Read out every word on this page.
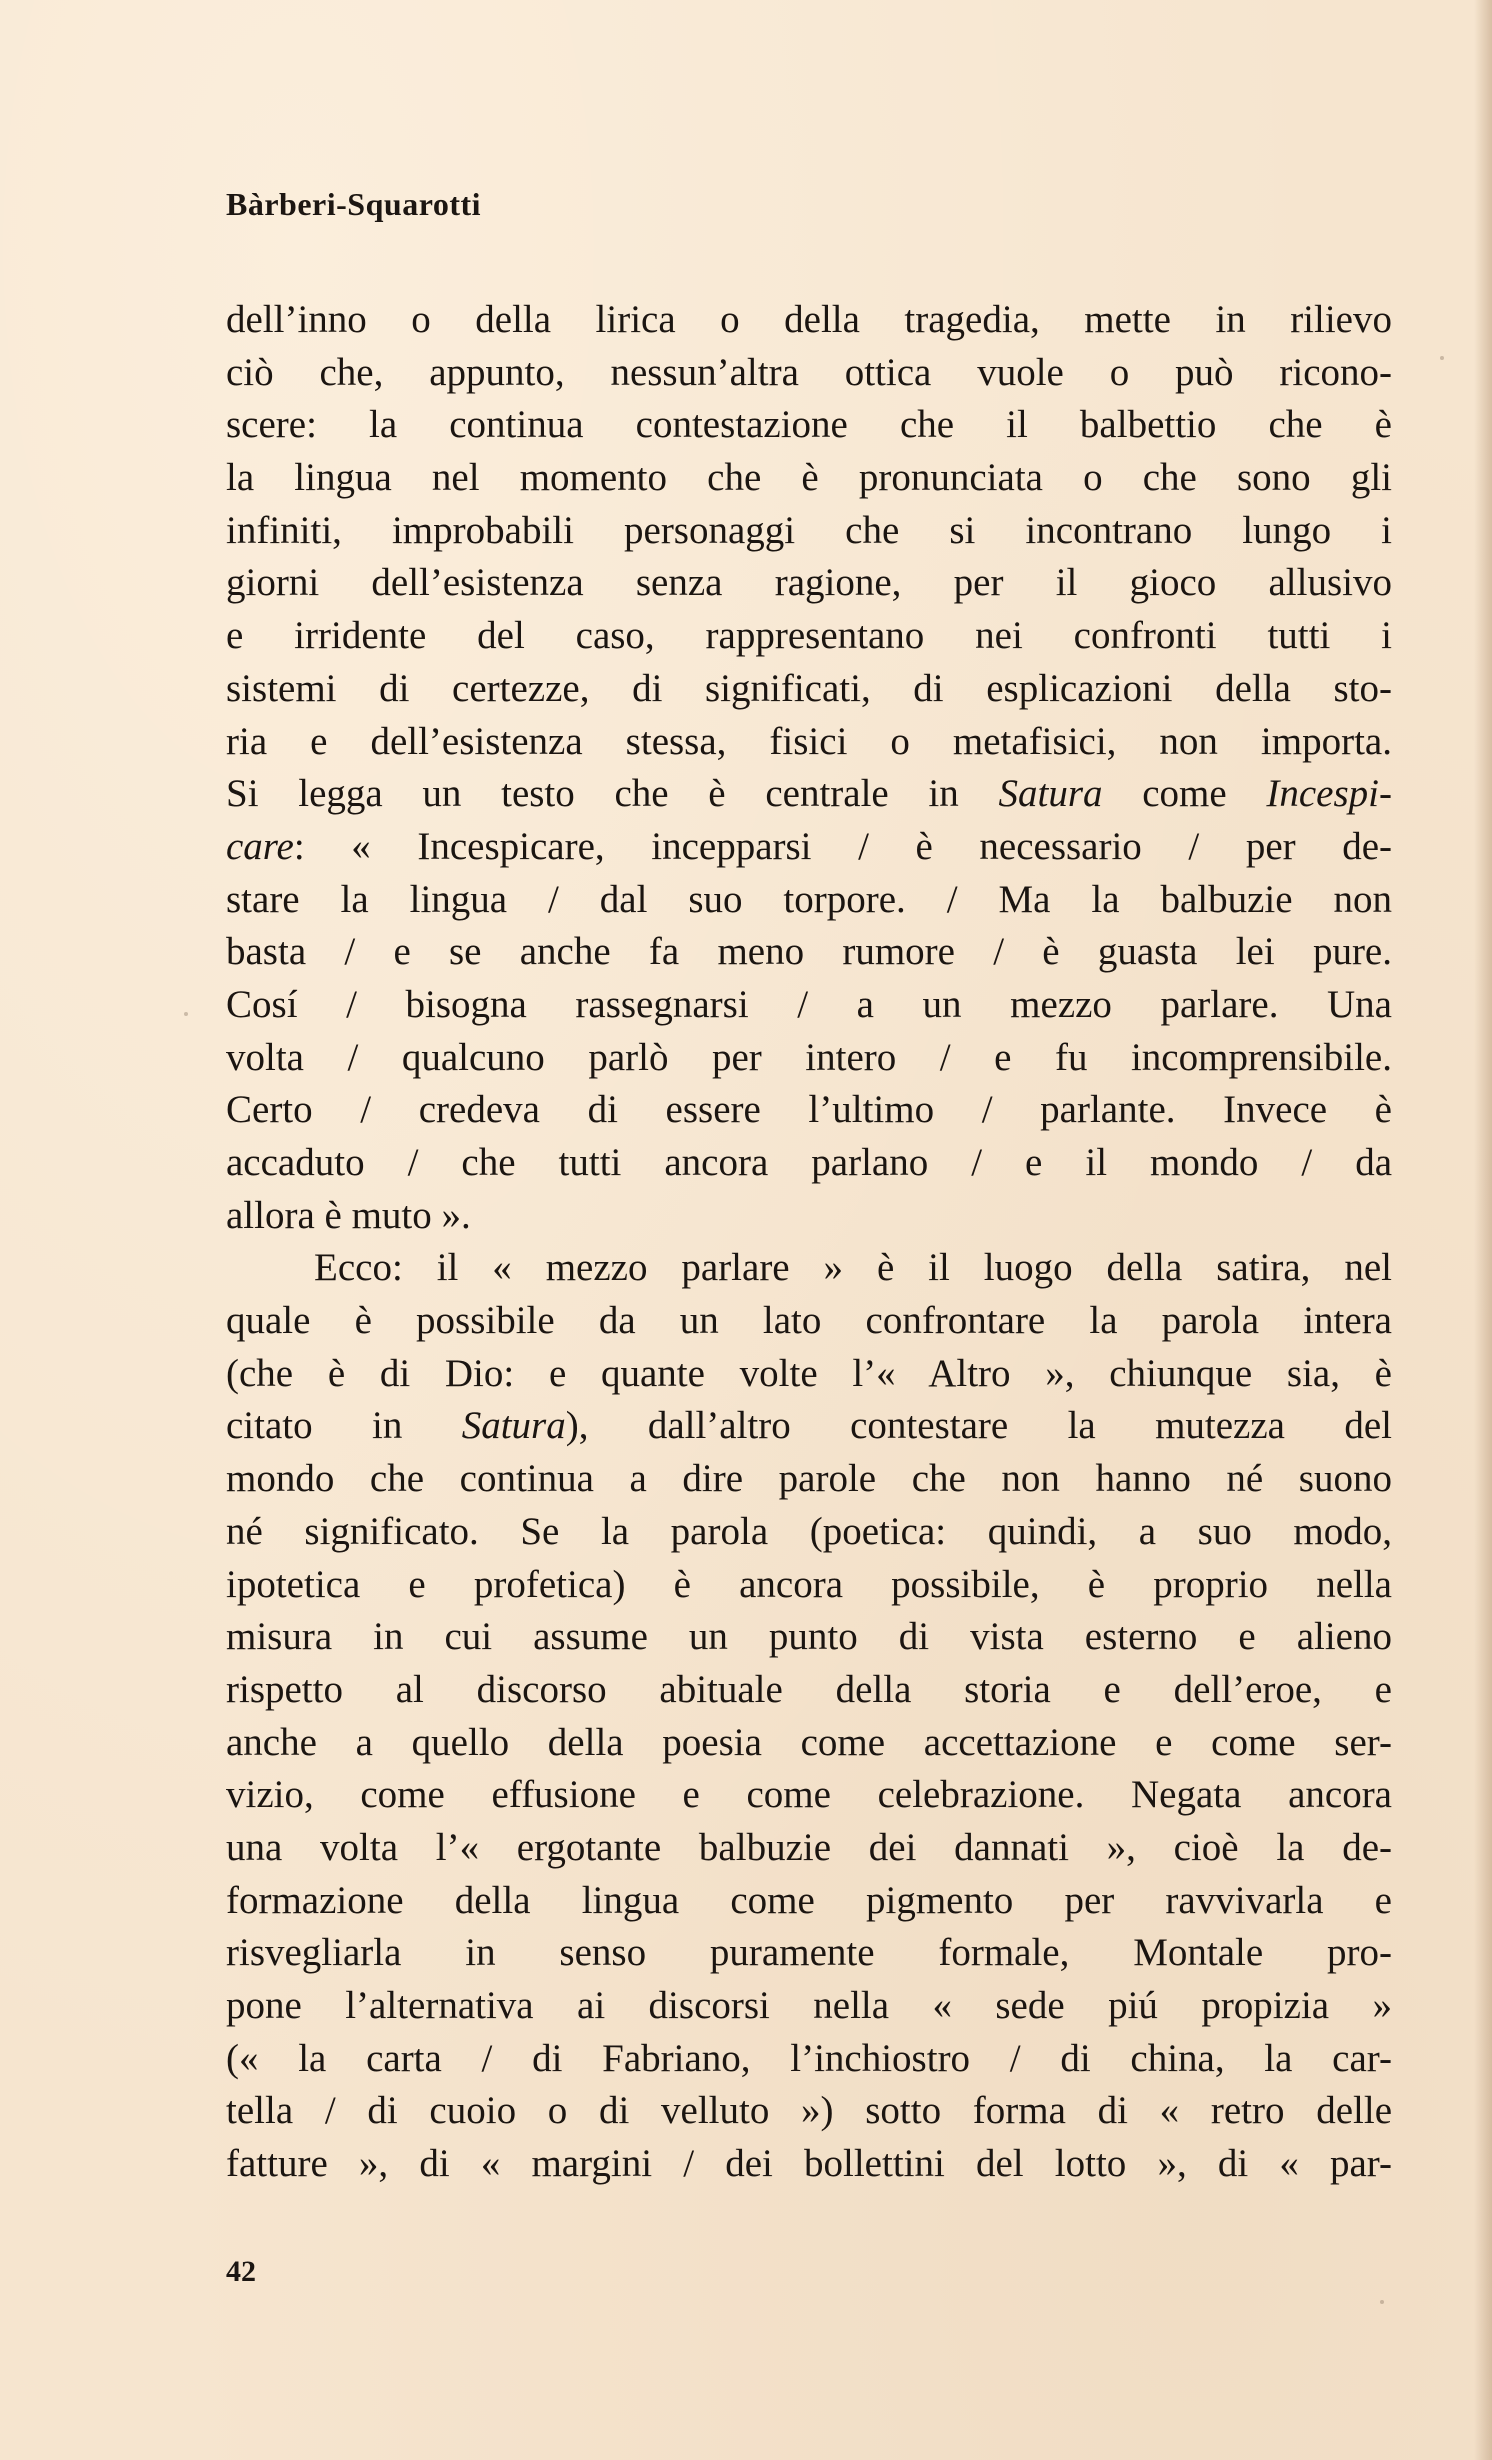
Bàrberi-Squarotti
dell’inno o della lirica o della tragedia, mette in rilievo
ciò che, appunto, nessun’altra ottica vuole o può ricono-
scere: la continua contestazione che il balbettio che è
la lingua nel momento che è pronunciata o che sono gli
infiniti, improbabili personaggi che si incontrano lungo i
giorni dell’esistenza senza ragione, per il gioco allusivo
e irridente del caso, rappresentano nei confronti tutti i
sistemi di certezze, di significati, di esplicazioni della sto-
ria e dell’esistenza stessa, fisici o metafisici, non importa.
Si legga un testo che è centrale in Satura come Incespi-
care: « Incespicare, incepparsi / è necessario / per de-
stare la lingua / dal suo torpore. / Ma la balbuzie non
basta / e se anche fa meno rumore / è guasta lei pure.
Cosí / bisogna rassegnarsi / a un mezzo parlare. Una
volta / qualcuno parlò per intero / e fu incomprensibile.
Certo / credeva di essere l’ultimo / parlante. Invece è
accaduto / che tutti ancora parlano / e il mondo / da
allora è muto ».
Ecco: il « mezzo parlare » è il luogo della satira, nel
quale è possibile da un lato confrontare la parola intera
(che è di Dio: e quante volte l’« Altro », chiunque sia, è
citato in Satura), dall’altro contestare la mutezza del
mondo che continua a dire parole che non hanno né suono
né significato. Se la parola (poetica: quindi, a suo modo,
ipotetica e profetica) è ancora possibile, è proprio nella
misura in cui assume un punto di vista esterno e alieno
rispetto al discorso abituale della storia e dell’eroe, e
anche a quello della poesia come accettazione e come ser-
vizio, come effusione e come celebrazione. Negata ancora
una volta l’« ergotante balbuzie dei dannati », cioè la de-
formazione della lingua come pigmento per ravvivarla e
risvegliarla in senso puramente formale, Montale pro-
pone l’alternativa ai discorsi nella « sede piú propizia »
(« la carta / di Fabriano, l’inchiostro / di china, la car-
tella / di cuoio o di velluto ») sotto forma di « retro delle
fatture », di « margini / dei bollettini del lotto », di « par-
42
